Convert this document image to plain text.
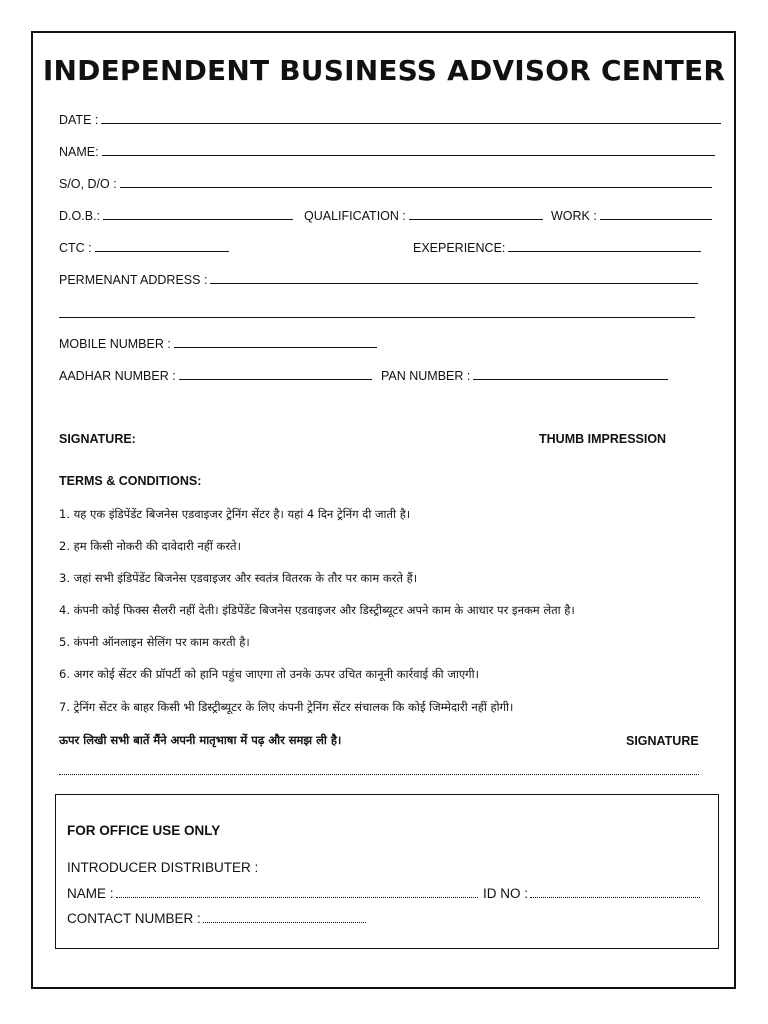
INDEPENDENT BUSINESS ADVISOR CENTER
DATE :
NAME:
S/O, D/O :
D.O.B.:	QUALIFICATION :	WORK :
CTC :	EXEPERIENCE:
PERMENANT ADDRESS :
MOBILE NUMBER :
AADHAR NUMBER :	PAN NUMBER :
SIGNATURE:	THUMB IMPRESSION
TERMS & CONDITIONS:
1. यह एक इंडिपेंडेंट बिजनेस एडवाइजर ट्रेनिंग सेंटर है। यहां 4 दिन ट्रेनिंग दी जाती है।
2. हम किसी नोकरी की दावेदारी नहीं करते।
3. जहां सभी इंडिपेंडेंट बिजनेस एडवाइजर और स्वतंत्र वितरक के तौर पर काम करते हैं।
4. कंपनी कोई फिक्स सैलरी नहीं देती। इंडिपेंडेंट बिजनेस एडवाइजर और डिस्ट्रीब्यूटर अपने काम के आधार पर इनकम लेता है।
5. कंपनी ऑनलाइन सेलिंग पर काम करती है।
6. अगर कोई सेंटर की प्रॉपर्टी को हानि पहुंच जाएगा तो उनके ऊपर उचित कानूनी कार्रवाई की जाएगी।
7. ट्रेनिंग सेंटर के बाहर किसी भी डिस्ट्रीब्यूटर के लिए कंपनी ट्रेनिंग सेंटर संचालक कि कोई जिम्मेदारी नहीं होगी।
ऊपर लिखी सभी बातें मैंने अपनी मातृभाषा में पढ़ और समझ ली है।	SIGNATURE
FOR OFFICE USE ONLY
INTRODUCER DISTRIBUTER :
NAME :	ID NO :
CONTACT NUMBER :
